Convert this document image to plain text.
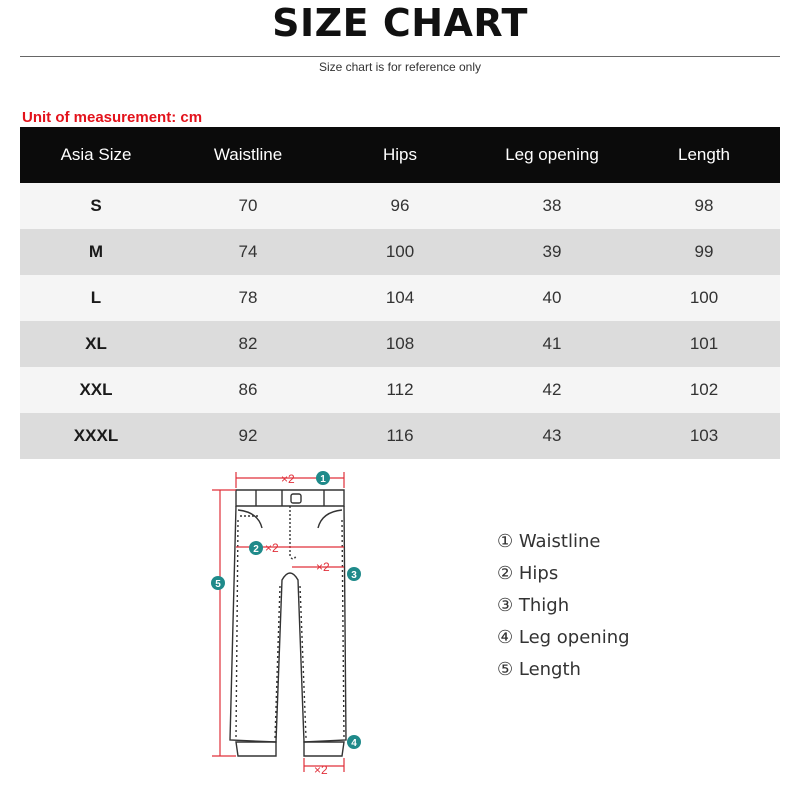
SIZE CHART
Size chart is for reference only
Unit of measurement: cm
Asia Size	Waistline	Hips	Leg opening	Length
S	70	96	38	98
M	74	100	39	99
L	78	104	40	100
XL	82	108	41	101
XXL	86	112	42	102
XXXL	92	116	43	103
×2
×2
×2
×2
1
2
3
4
5
① Waistline
② Hips
③ Thigh
④ Leg opening
⑤ Length
